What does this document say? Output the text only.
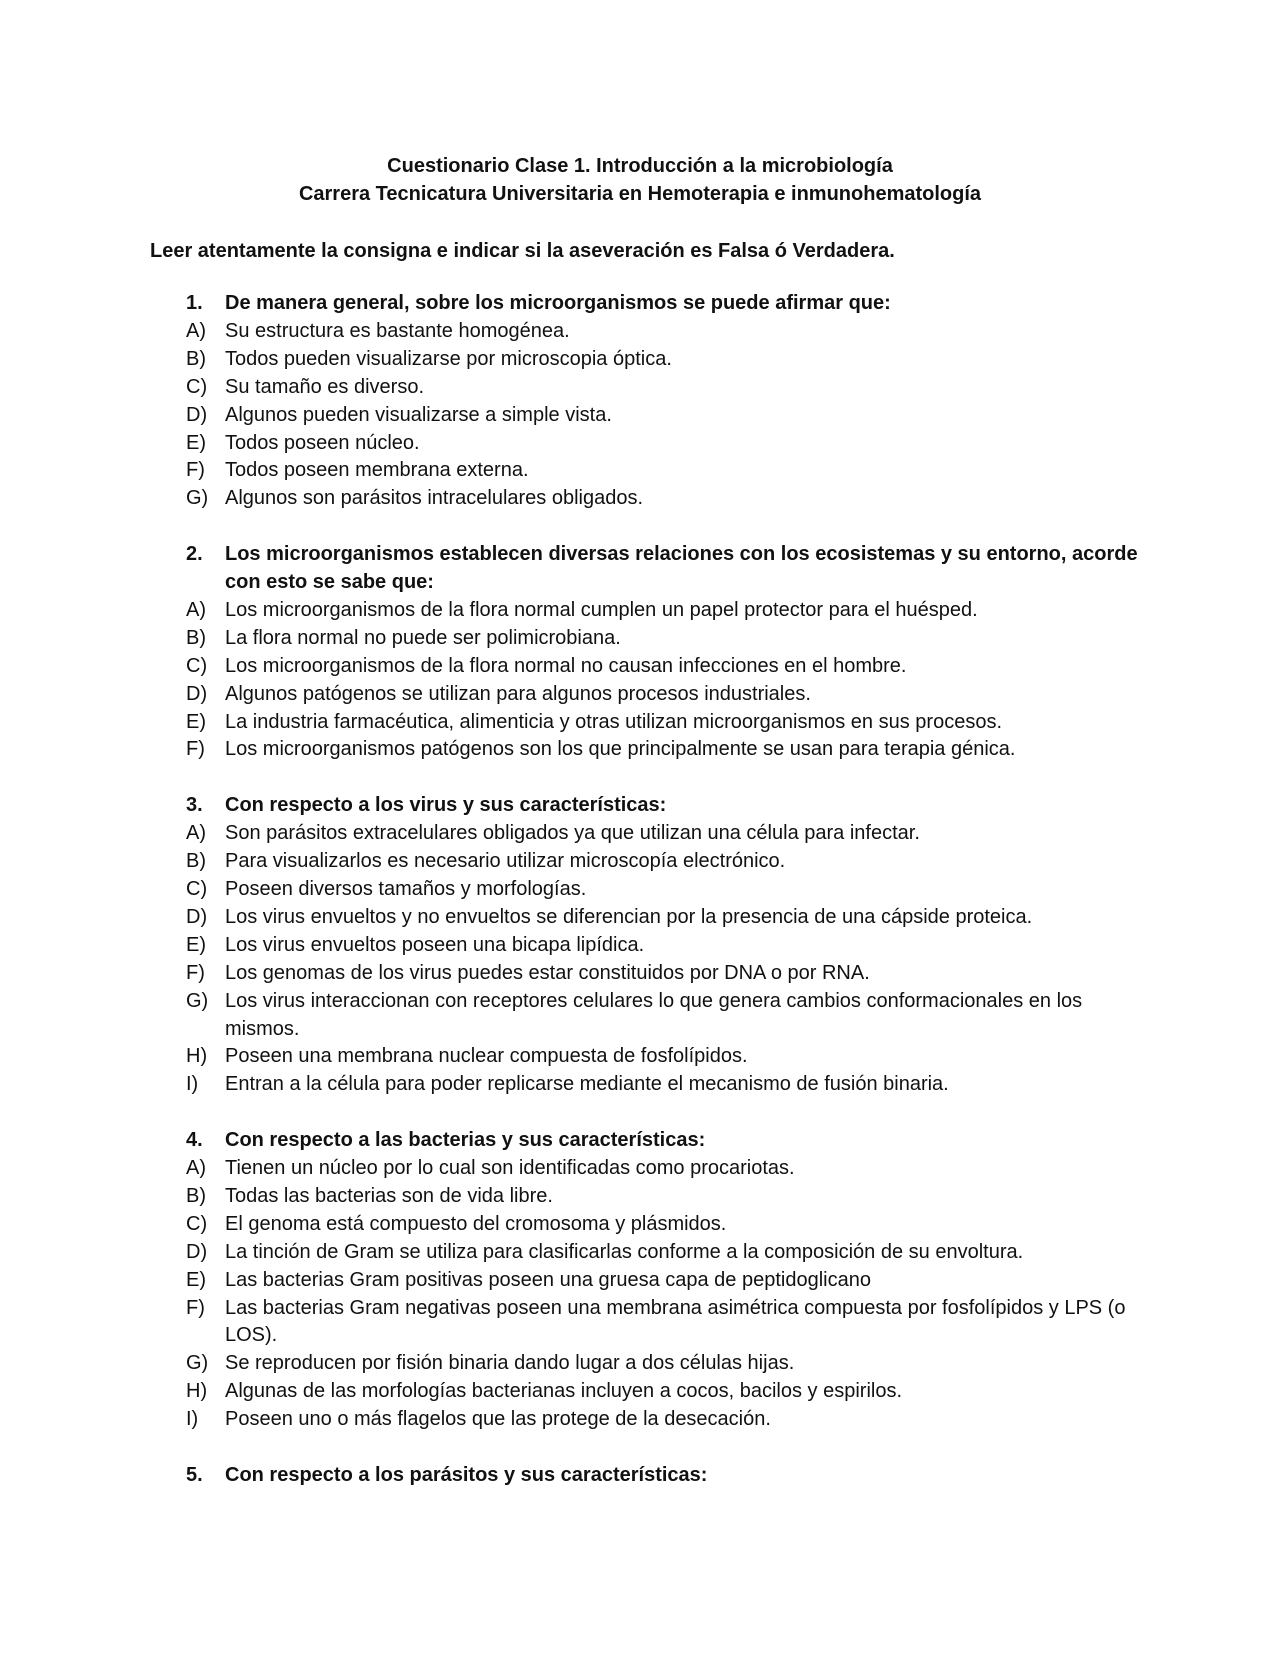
Cuestionario Clase 1. Introducción a la microbiología
Carrera Tecnicatura Universitaria en Hemoterapia e inmunohematología
Leer atentamente la consigna e indicar si la aseveración es Falsa ó Verdadera.
1.	De manera general, sobre los microorganismos se puede afirmar que:
A) Su estructura es bastante homogénea.
B) Todos pueden visualizarse por microscopia óptica.
C) Su tamaño es diverso.
D) Algunos pueden visualizarse a simple vista.
E) Todos poseen núcleo.
F)	Todos poseen membrana externa.
G) Algunos son parásitos intracelulares obligados.
2.	Los microorganismos establecen diversas relaciones con los ecosistemas y su entorno, acorde con esto se sabe que:
A) Los microorganismos de la flora normal cumplen un papel protector para el huésped.
B) La flora normal no puede ser polimicrobiana.
C) Los microorganismos de la flora normal no causan infecciones en el hombre.
D) Algunos patógenos se utilizan para algunos procesos industriales.
E) La industria farmacéutica, alimenticia y otras utilizan microorganismos en sus procesos.
F)	Los microorganismos patógenos son los que principalmente se usan para terapia génica.
3.	Con respecto a los virus y sus características:
A) Son parásitos extracelulares obligados ya que utilizan una célula para infectar.
B) Para visualizarlos es necesario utilizar microscopía electrónico.
C) Poseen diversos tamaños y morfologías.
D) Los virus envueltos y no envueltos se diferencian por la presencia de una cápside proteica.
E) Los virus envueltos poseen una bicapa lipídica.
F)	Los genomas de los virus puedes estar constituidos por DNA o por RNA.
G) Los virus interaccionan con receptores celulares lo que genera cambios conformacionales en los mismos.
H) Poseen una membrana nuclear compuesta de fosfolípidos.
I)	Entran a la célula para poder replicarse mediante el mecanismo de fusión binaria.
4.	Con respecto a las bacterias y sus características:
A) Tienen un núcleo por lo cual son identificadas como procariotas.
B) Todas las bacterias son de vida libre.
C) El genoma está compuesto del cromosoma y plásmidos.
D) La tinción de Gram se utiliza para clasificarlas conforme a la composición de su envoltura.
E) Las bacterias Gram positivas poseen una gruesa capa de peptidoglicano
F)	Las bacterias Gram negativas poseen una membrana asimétrica compuesta por fosfolípidos y LPS (o LOS).
G) Se reproducen por fisión binaria dando lugar a dos células hijas.
H) Algunas de las morfologías bacterianas incluyen a cocos, bacilos y espirilos.
I)	Poseen uno o más flagelos que las protege de la desecación.
5.	Con respecto a los parásitos y sus características:
